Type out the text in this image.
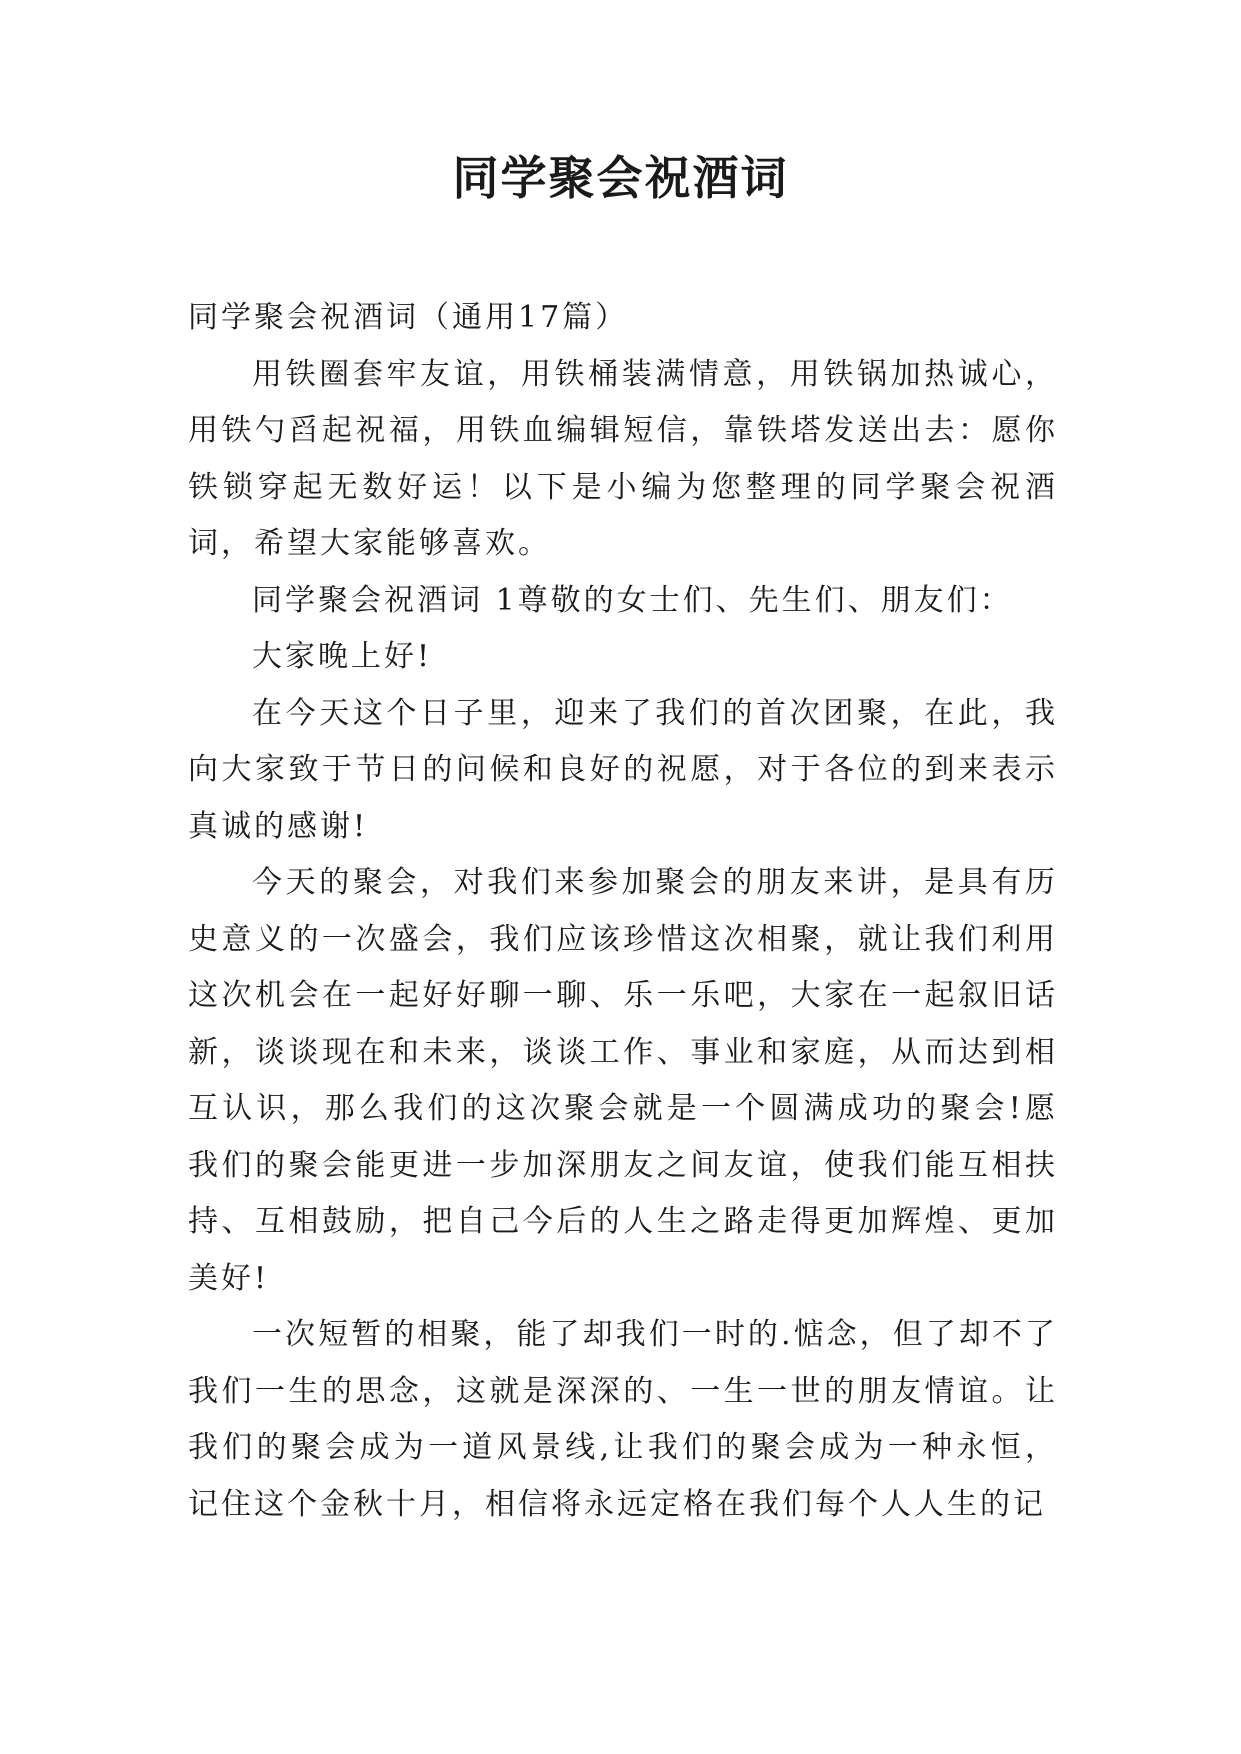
同学聚会祝酒词

同学聚会祝酒词（通用17篇）

用铁圈套牢友谊，用铁桶装满情意，用铁锅加热诚心，用铁勺舀起祝福，用铁血编辑短信，靠铁塔发送出去：愿你铁锁穿起无数好运！以下是小编为您整理的同学聚会祝酒词，希望大家能够喜欢。

同学聚会祝酒词 1尊敬的女士们、先生们、朋友们：

大家晚上好!

在今天这个日子里，迎来了我们的首次团聚，在此，我向大家致于节日的问候和良好的祝愿，对于各位的到来表示真诚的感谢!

今天的聚会，对我们来参加聚会的朋友来讲，是具有历史意义的一次盛会，我们应该珍惜这次相聚，就让我们利用这次机会在一起好好聊一聊、乐一乐吧，大家在一起叙旧话新，谈谈现在和未来，谈谈工作、事业和家庭，从而达到相互认识，那么我们的这次聚会就是一个圆满成功的聚会!愿我们的聚会能更进一步加深朋友之间友谊，使我们能互相扶持、互相鼓励，把自己今后的人生之路走得更加辉煌、更加美好!

一次短暂的相聚，能了却我们一时的.惦念，但了却不了我们一生的思念，这就是深深的、一生一世的朋友情谊。让我们的聚会成为一道风景线,让我们的聚会成为一种永恒，记住这个金秋十月，相信将永远定格在我们每个人人生的记
